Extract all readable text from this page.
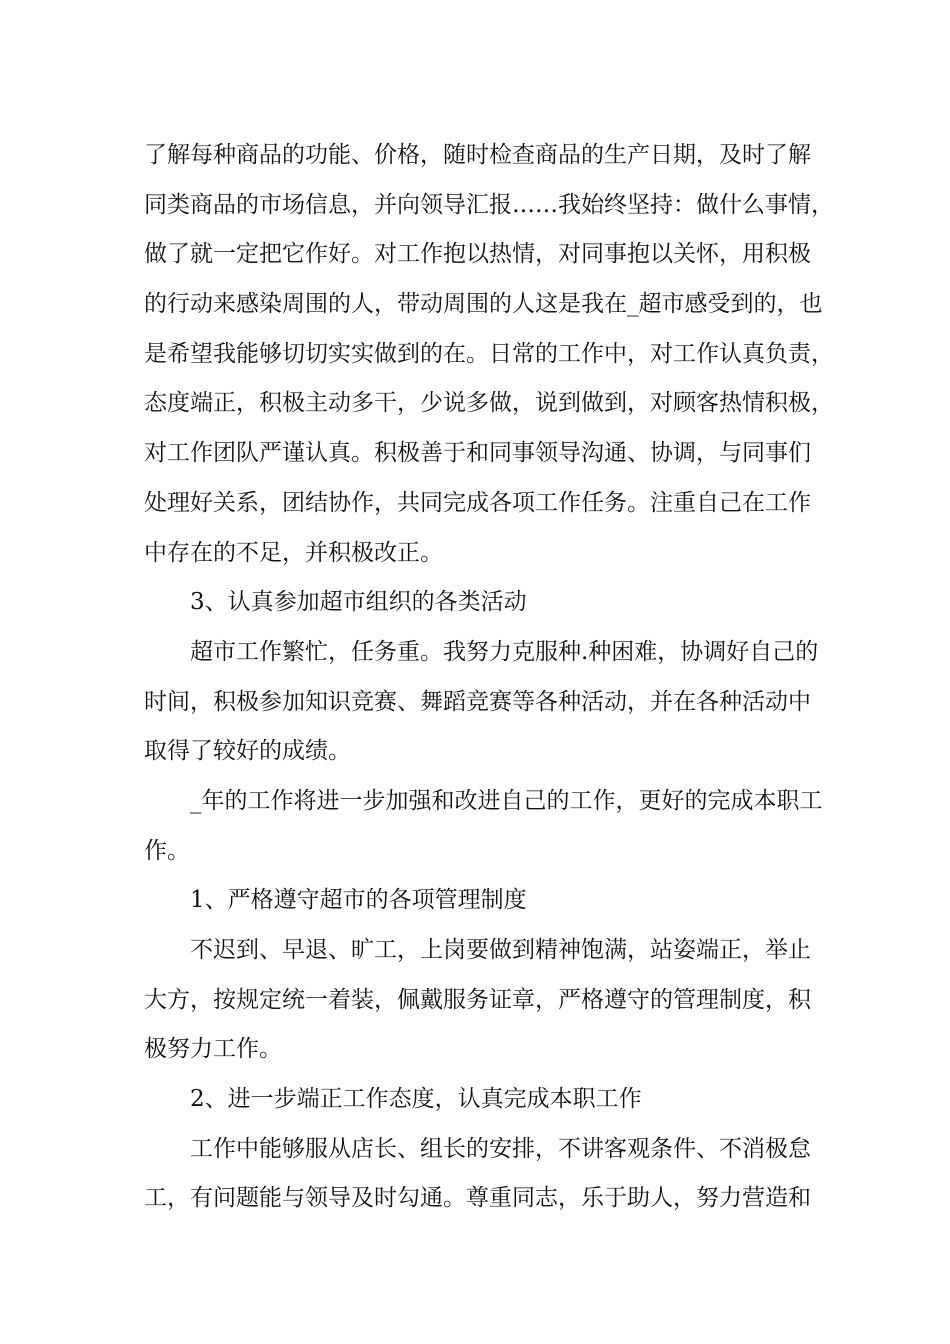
了解每种商品的功能、价格，随时检查商品的生产日期，及时了解
同类商品的市场信息，并向领导汇报……我始终坚持：做什么事情，
做了就一定把它作好。对工作抱以热情，对同事抱以关怀，用积极
的行动来感染周围的人，带动周围的人这是我在_超市感受到的，也
是希望我能够切切实实做到的在。日常的工作中，对工作认真负责，
态度端正，积极主动多干，少说多做，说到做到，对顾客热情积极，
对工作团队严谨认真。积极善于和同事领导沟通、协调，与同事们
处理好关系，团结协作，共同完成各项工作任务。注重自己在工作
中存在的不足，并积极改正。
3、认真参加超市组织的各类活动
超市工作繁忙，任务重。我努力克服种.种困难，协调好自己的
时间，积极参加知识竞赛、舞蹈竞赛等各种活动，并在各种活动中
取得了较好的成绩。
_年的工作将进一步加强和改进自己的工作，更好的完成本职工
作。
1、严格遵守超市的各项管理制度
不迟到、早退、旷工，上岗要做到精神饱满，站姿端正，举止
大方，按规定统一着装，佩戴服务证章，严格遵守的管理制度，积
极努力工作。
2、进一步端正工作态度，认真完成本职工作
工作中能够服从店长、组长的安排，不讲客观条件、不消极怠
工，有问题能与领导及时勾通。尊重同志，乐于助人，努力营造和
